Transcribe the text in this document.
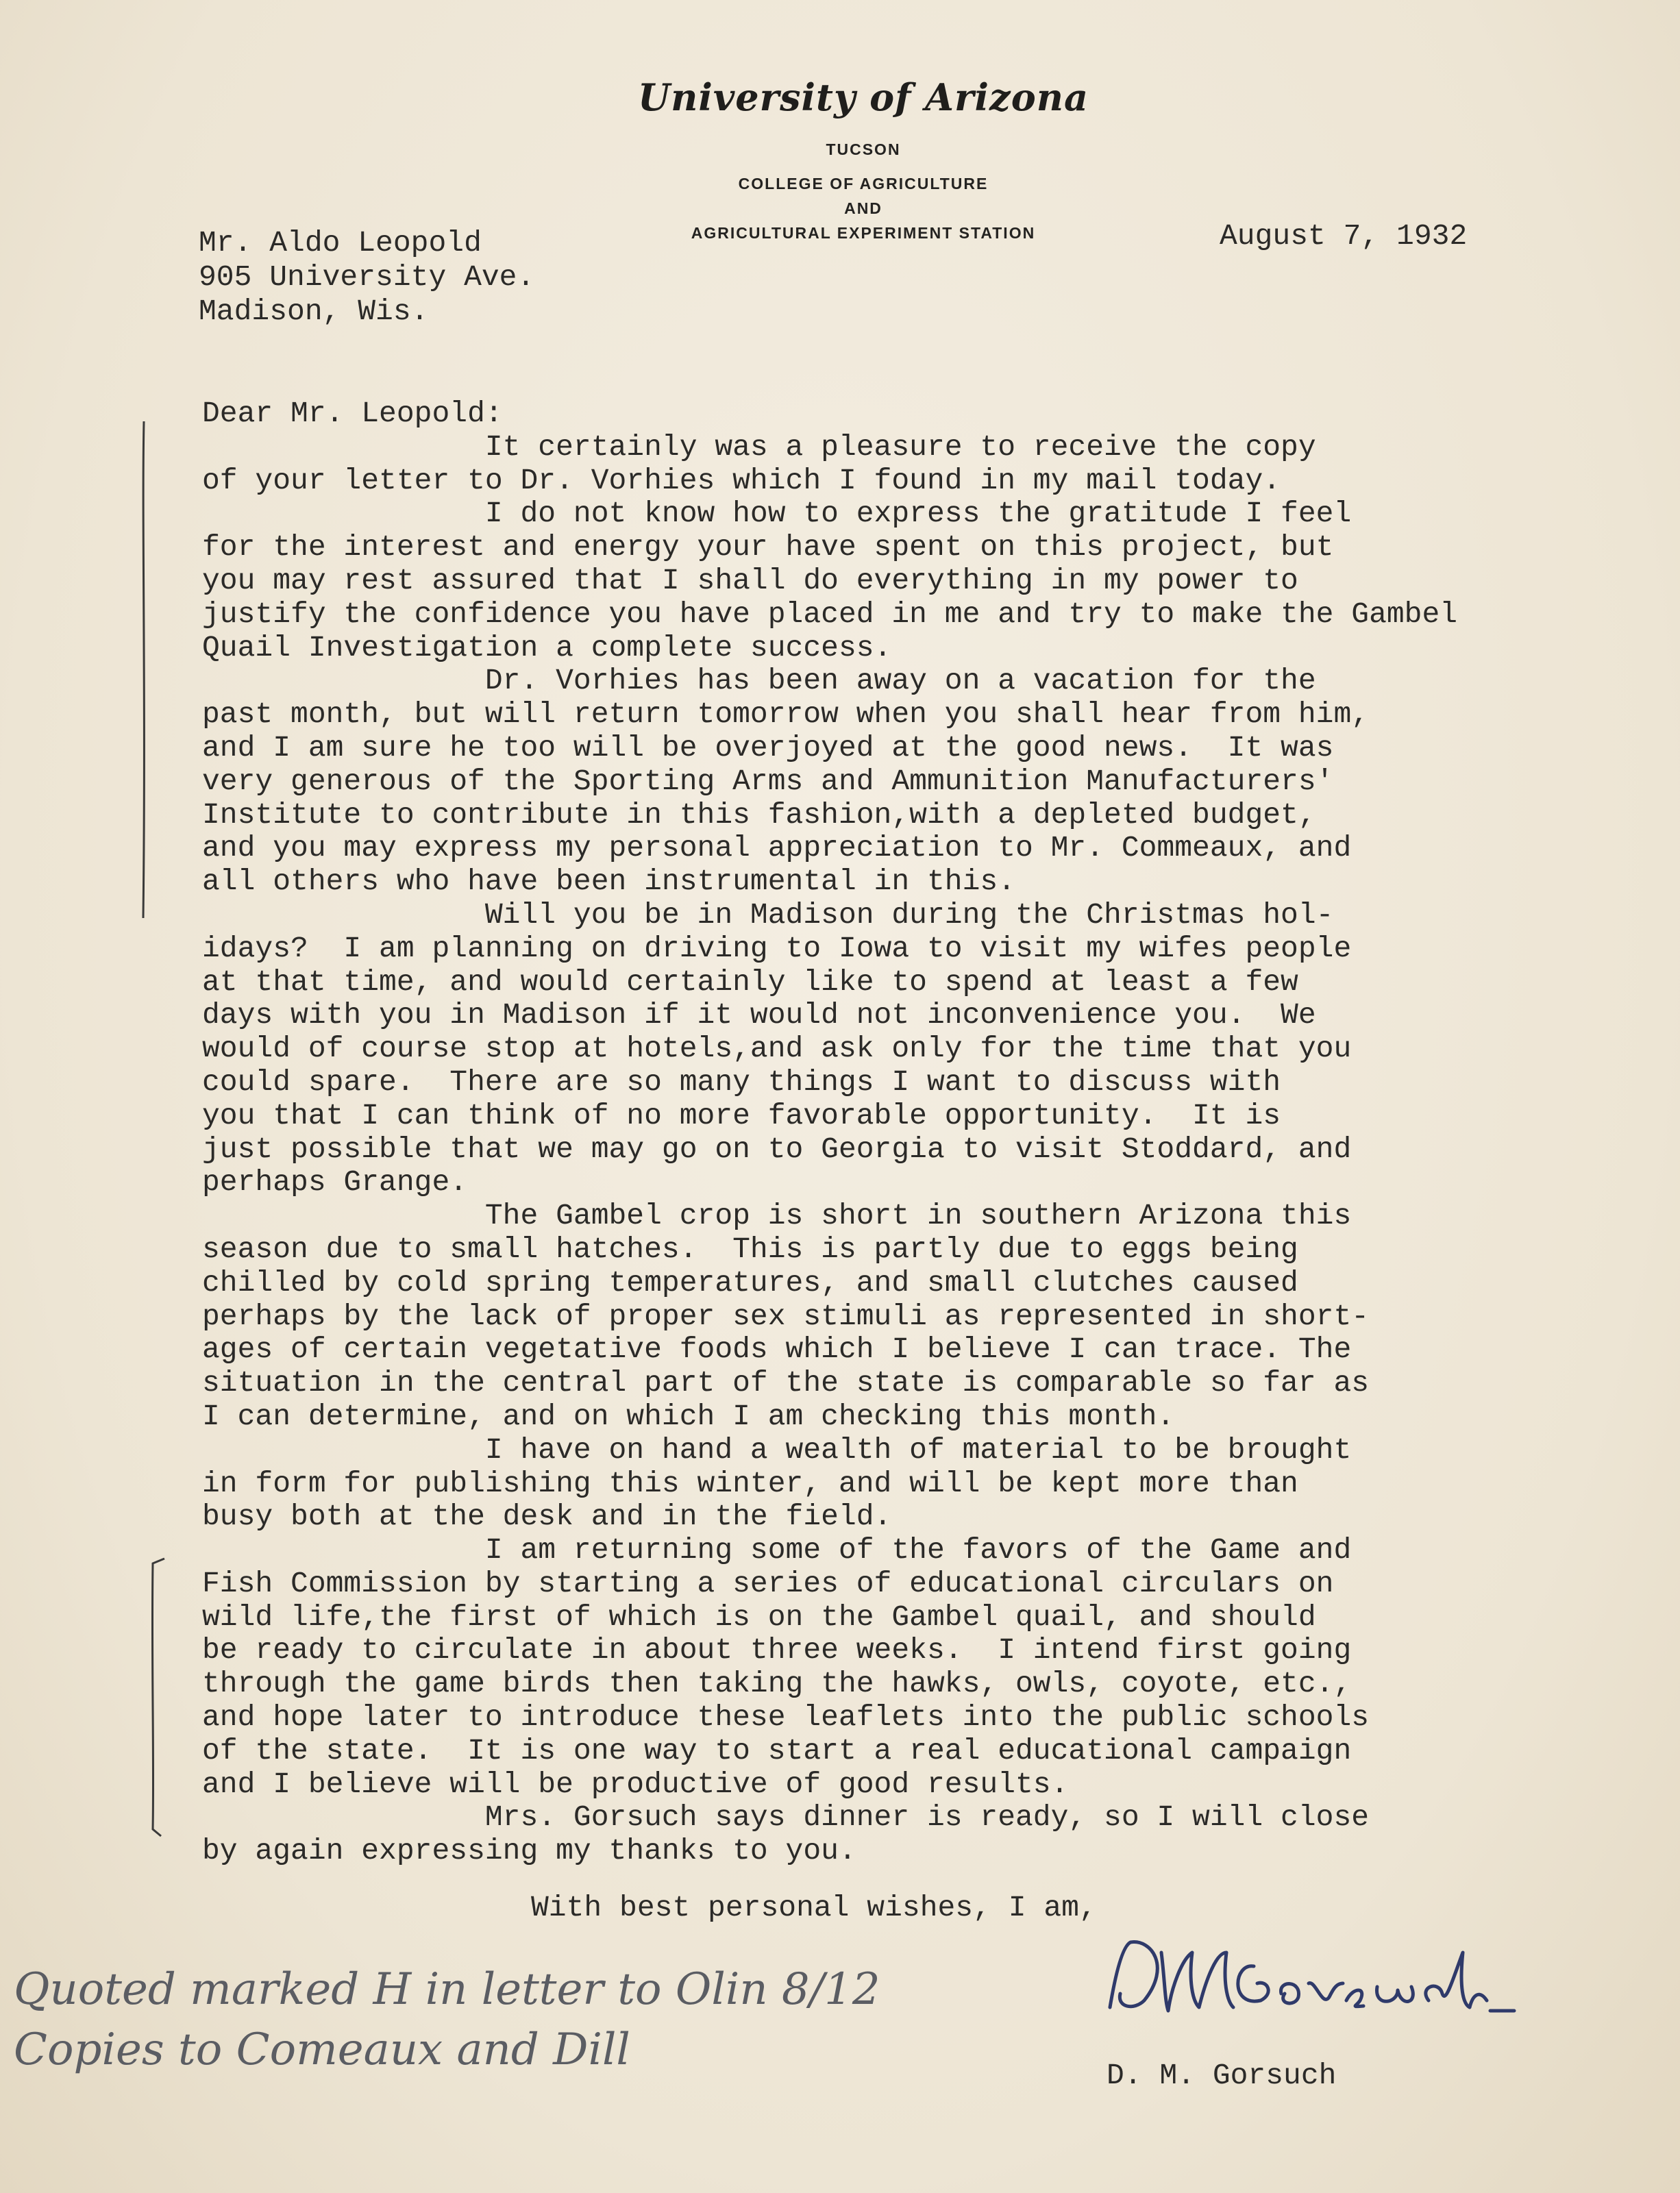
University of Arizona
TUCSON
COLLEGE OF AGRICULTURE
AND
AGRICULTURAL EXPERIMENT STATION	August 7, 1932
Mr. Aldo Leopold
905 University Ave.
Madison, Wis.
Dear Mr. Leopold:
It certainly was a pleasure to receive the copy
of your letter to Dr. Vorhies which I found in my mail today.
I do not know how to express the gratitude I feel
for the interest and energy your have spent on this project, but
you may rest assured that I shall do everything in my power to
justify the confidence you have placed in me and try to make the Gambel
Quail Investigation a complete success.
Dr. Vorhies has been away on a vacation for the
past month, but will return tomorrow when you shall hear from him,
and I am sure he too will be overjoyed at the good news.  It was
very generous of the Sporting Arms and Ammunition Manufacturers'
Institute to contribute in this fashion,with a depleted budget,
and you may express my personal appreciation to Mr. Commeaux, and
all others who have been instrumental in this.
Will you be in Madison during the Christmas hol-
idays?  I am planning on driving to Iowa to visit my wifes people
at that time, and would certainly like to spend at least a few
days with you in Madison if it would not inconvenience you.  We
would of course stop at hotels,and ask only for the time that you
could spare.  There are so many things I want to discuss with
you that I can think of no more favorable opportunity.  It is
just possible that we may go on to Georgia to visit Stoddard, and
perhaps Grange.
The Gambel crop is short in southern Arizona this
season due to small hatches.  This is partly due to eggs being
chilled by cold spring temperatures, and small clutches caused
perhaps by the lack of proper sex stimuli as represented in short-
ages of certain vegetative foods which I believe I can trace. The
situation in the central part of the state is comparable so far as
I can determine, and on which I am checking this month.
I have on hand a wealth of material to be brought
in form for publishing this winter, and will be kept more than
busy both at the desk and in the field.
I am returning some of the favors of the Game and
Fish Commission by starting a series of educational circulars on
wild life,the first of which is on the Gambel quail, and should
be ready to circulate in about three weeks.  I intend first going
through the game birds then taking the hawks, owls, coyote, etc.,
and hope later to introduce these leaflets into the public schools
of the state.  It is one way to start a real educational campaign
and I believe will be productive of good results.
Mrs. Gorsuch says dinner is ready, so I will close
by again expressing my thanks to you.
With best personal wishes, I am,
D. M. Gorsuch
Quoted marked H in letter to Olin 8/12
Copies to Comeaux and Dill
